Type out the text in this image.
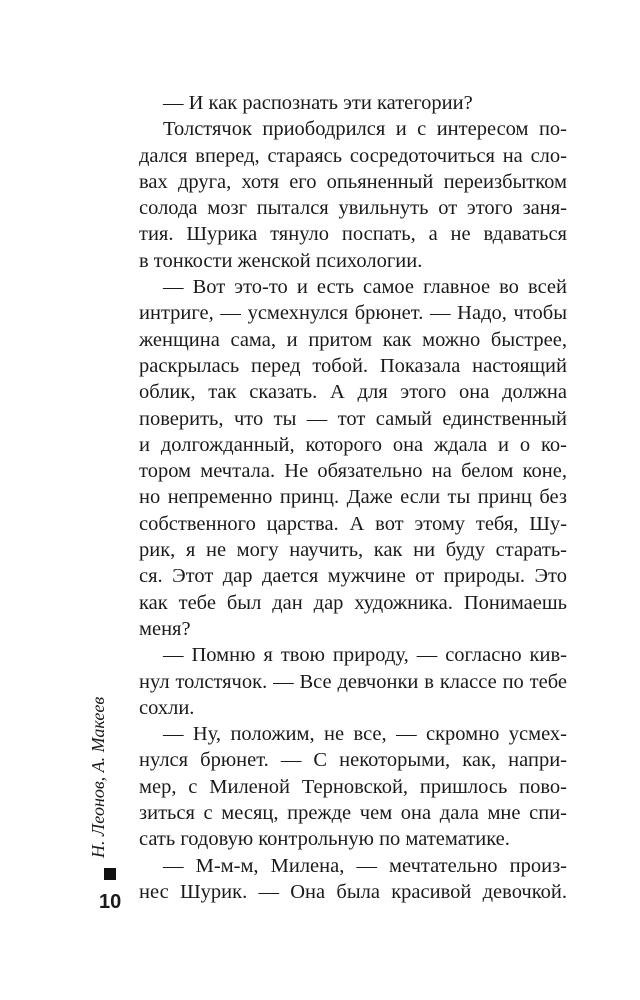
— И как распознать эти категории?
Толстячок приободрился и с интересом по-
дался вперед, стараясь сосредоточиться на сло-
вах друга, хотя его опьяненный переизбытком
солода мозг пытался увильнуть от этого заня-
тия. Шурика тянуло поспать, а не вдаваться
в тонкости женской психологии.
— Вот это-то и есть самое главное во всей
интриге, — усмехнулся брюнет. — Надо, чтобы
женщина сама, и притом как можно быстрее,
раскрылась перед тобой. Показала настоящий
облик, так сказать. А для этого она должна
поверить, что ты — тот самый единственный
и долгожданный, которого она ждала и о ко-
тором мечтала. Не обязательно на белом коне,
но непременно принц. Даже если ты принц без
собственного царства. А вот этому тебя, Шу-
рик, я не могу научить, как ни буду старать-
ся. Этот дар дается мужчине от природы. Это
как тебе был дан дар художника. Понимаешь
меня?
— Помню я твою природу, — согласно кив-
нул толстячок. — Все девчонки в классе по тебе
сохли.
— Ну, положим, не все, — скромно усмех-
нулся брюнет. — С некоторыми, как, напри-
мер, с Миленой Терновской, пришлось пово-
зиться с месяц, прежде чем она дала мне спи-
сать годовую контрольную по математике.
— М-м-м, Милена, — мечтательно произ-
нес Шурик. — Она была красивой девочкой.
Н. Леонов, А. Макеев
10
